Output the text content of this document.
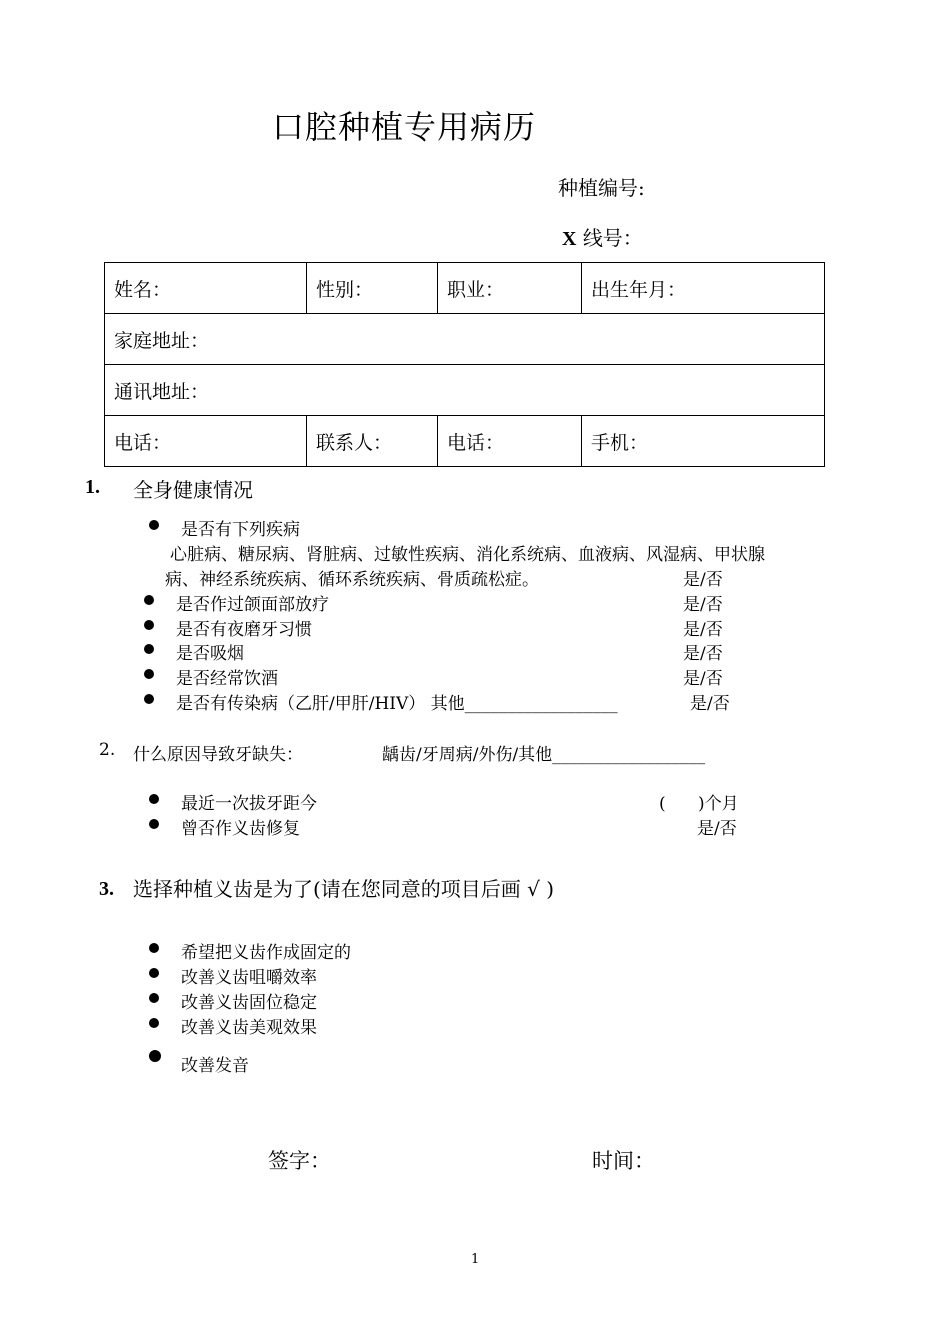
口腔种植专用病历
种植编号:
X 线号：
姓名：	性别：	职业：	出生年月：
家庭地址：			
通讯地址：			
电话：	联系人：	电话：	手机：
1. 全身健康情况
是否有下列疾病
心脏病、糖尿病、肾脏病、过敏性疾病、消化系统病、血液病、风湿病、甲状腺
病、神经系统疾病、循环系统疾病、骨质疏松症。	是/否
是否作过颌面部放疗	是/否
是否有夜磨牙习惯	是/否
是否吸烟	是/否
是否经常饮酒	是/否
是否有传染病（乙肝/甲肝/HIV） 其他__________________	是/否
2. 什么原因导致牙缺失：	龋齿/牙周病/外伤/其他__________________
最近一次拔牙距今	(      )个月
曾否作义齿修复	是/否
3. 选择种植义齿是为了(请在您同意的项目后画 √ )
希望把义齿作成固定的
改善义齿咀嚼效率
改善义齿固位稳定
改善义齿美观效果
改善发音
签字：	时间：
1
